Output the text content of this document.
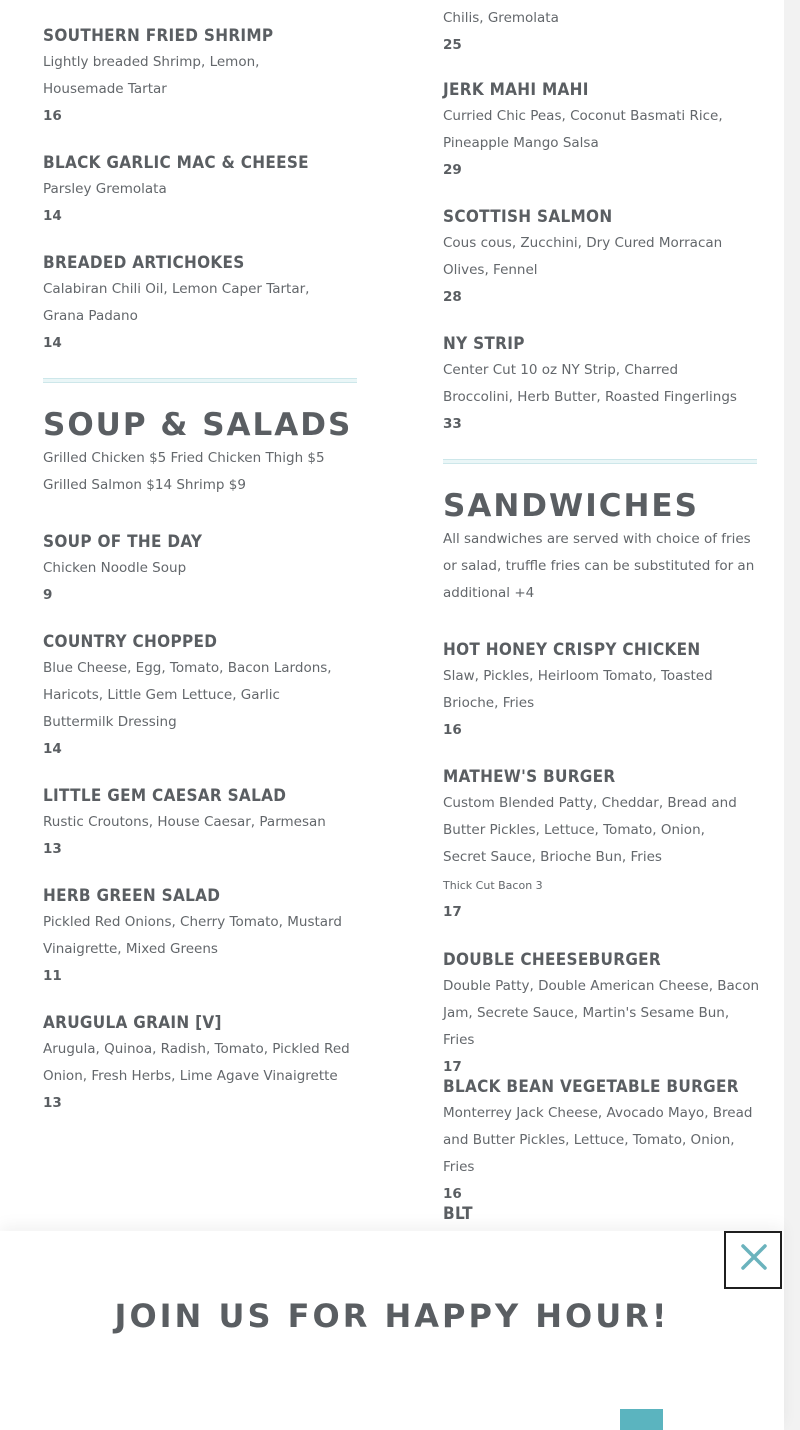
SOUTHERN FRIED SHRIMP

Lightly breaded Shrimp, Lemon, Housemade Tartar

16

BLACK GARLIC MAC & CHEESE

Parsley Gremolata

14

BREADED ARTICHOKES

Calabiran Chili Oil, Lemon Caper Tartar, Grana Padano

14

SOUP & SALADS

Grilled Chicken $5 Fried Chicken Thigh $5 Grilled Salmon $14 Shrimp $9

SOUP OF THE DAY

Chicken Noodle Soup

9

COUNTRY CHOPPED

Blue Cheese, Egg, Tomato, Bacon Lardons, Haricots, Little Gem Lettuce, Garlic Buttermilk Dressing

14

LITTLE GEM CAESAR SALAD

Rustic Croutons, House Caesar, Parmesan

13

HERB GREEN SALAD

Pickled Red Onions, Cherry Tomato, Mustard Vinaigrette, Mixed Greens

11

ARUGULA GRAIN [V]

Arugula, Quinoa, Radish, Tomato, Pickled Red Onion, Fresh Herbs, Lime Agave Vinaigrette

13

Chilis, Gremolata

25

JERK MAHI MAHI

Curried Chic Peas, Coconut Basmati Rice, Pineapple Mango Salsa

29

SCOTTISH SALMON

Cous cous, Zucchini, Dry Cured Morracan Olives, Fennel

28

NY STRIP

Center Cut 10 oz NY Strip, Charred Broccolini, Herb Butter, Roasted Fingerlings

33

SANDWICHES

All sandwiches are served with choice of fries or salad, truffle fries can be substituted for an additional +4

HOT HONEY CRISPY CHICKEN

Slaw, Pickles, Heirloom Tomato, Toasted Brioche, Fries

16

MATHEW'S BURGER

Custom Blended Patty, Cheddar, Bread and Butter Pickles, Lettuce, Tomato, Onion, Secret Sauce, Brioche Bun, Fries

Thick Cut Bacon 3

17

DOUBLE CHEESEBURGER

Double Patty, Double American Cheese, Bacon Jam, Secrete Sauce, Martin's Sesame Bun, Fries

17

BLACK BEAN VEGETABLE BURGER

Monterrey Jack Cheese, Avocado Mayo, Bread and Butter Pickles, Lettuce, Tomato, Onion, Fries

16

BLT

JOIN US FOR HAPPY HOUR!
